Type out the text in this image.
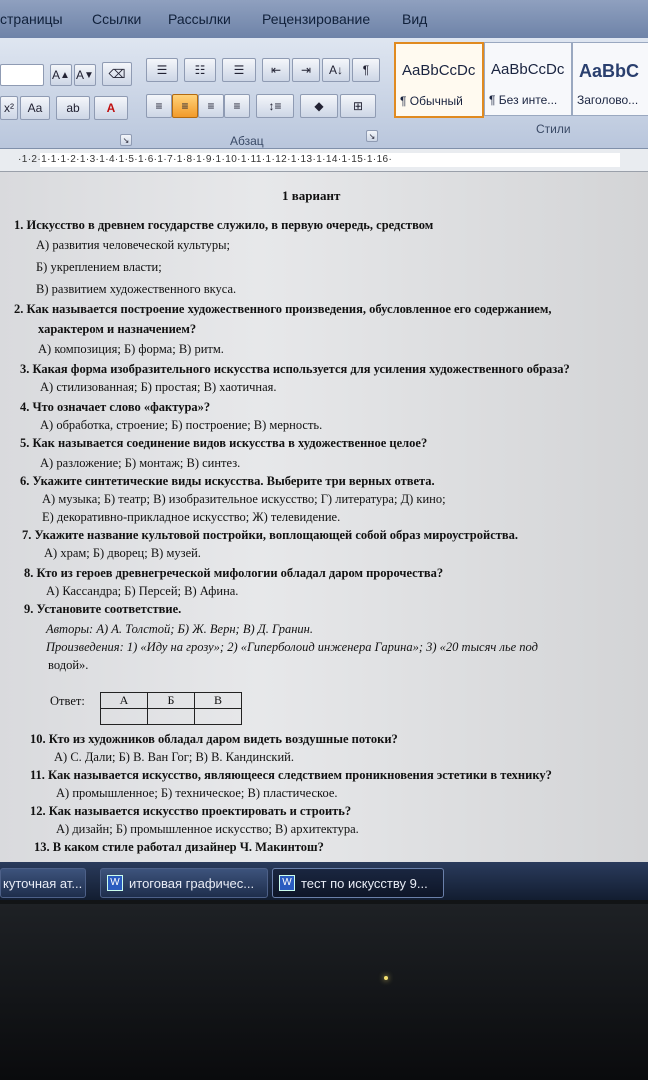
страницы Ссылки Рассылки Рецензирование Вид
A ▲ A ▼	⌫
x²	Aa	ab	A
☰	☷	☰	⇤	⇥	A↓	¶
≡	≡	≡	≡	↕≡	◆	⊞
Абзац
Стили
↘	↘
AaBbCcDc
¶ Обычный
AaBbCcDc
¶ Без инте...
AaBbC
Заголово...
·1·2·1·1·1·2·1·3·1·4·1·5·1·6·1·7·1·8·1·9·1·10·1·11·1·12·1·13·1·14·1·15·1·16·
1 вариант
1. Искусство в древнем государстве служило, в первую очередь, средством
А) развития человеческой культуры;
Б) укреплением власти;
В) развитием художественного вкуса.
2. Как называется построение художественного произведения, обусловленное его содержанием,
характером и назначением?
А) композиция; Б) форма; В) ритм.
3. Какая форма изобразительного искусства используется для усиления художественного образа?
А) стилизованная; Б) простая; В) хаотичная.
4. Что означает слово «фактура»?
А) обработка, строение; Б) построение; В) мерность.
5. Как называется соединение видов искусства в художественное целое?
А) разложение; Б) монтаж; В) синтез.
6. Укажите синтетические виды искусства. Выберите три верных ответа.
А) музыка; Б) театр; В) изобразительное искусство; Г) литература; Д) кино;
Е) декоративно-прикладное искусство; Ж) телевидение.
7. Укажите название культовой постройки, воплощающей собой образ мироустройства.
А) храм; Б) дворец; В) музей.
8. Кто из героев древнегреческой мифологии обладал даром пророчества?
А) Кассандра; Б) Персей; В) Афина.
9. Установите соответствие.
Авторы: А) А. Толстой; Б) Ж. Верн; В) Д. Гранин.
Произведения: 1) «Иду на грозу»; 2) «Гиперболоид инженера Гарина»; 3) «20 тысяч лье под
водой».
Ответ:	А	Б	В

10. Кто из художников обладал даром видеть воздушные потоки?
А) С. Дали; Б) В. Ван Гог; В) В. Кандинский.
11. Как называется искусство, являющееся следствием проникновения эстетики в технику?
А) промышленное; Б) техническое; В) пластическое.
12. Как называется искусство проектировать и строить?
А) дизайн; Б) промышленное искусство; В) архитектура.
13. В каком стиле работал дизайнер Ч. Макинтош?
куточная ат...	W итоговая графичес...	W тест по искусству 9...
